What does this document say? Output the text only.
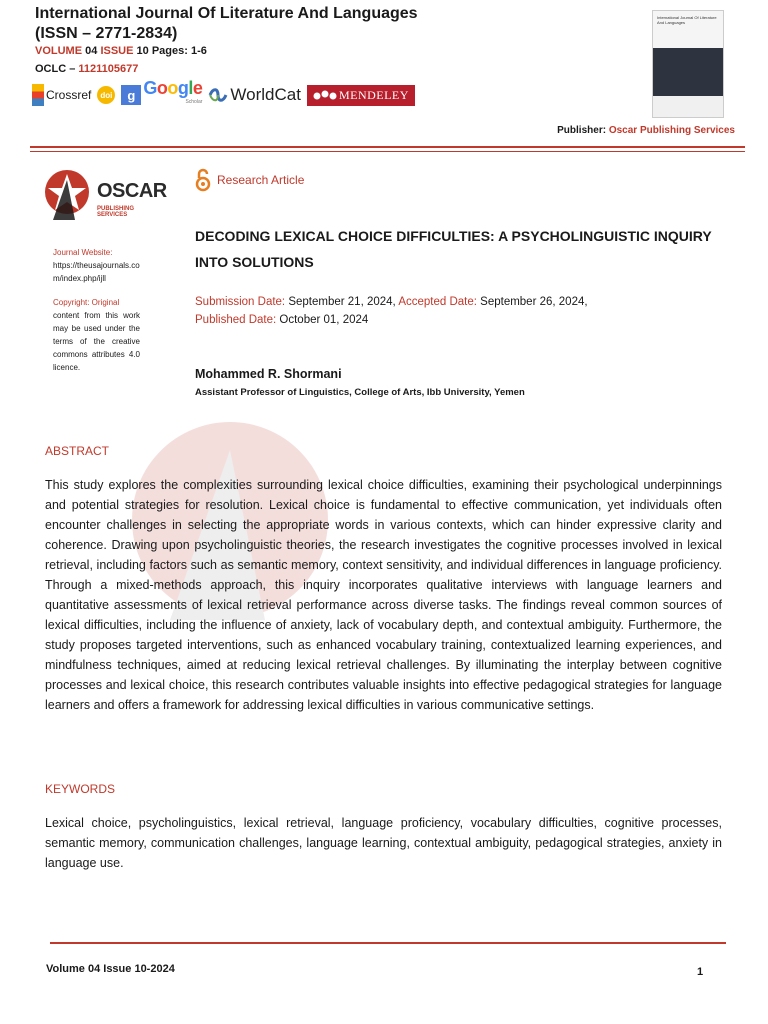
International Journal Of Literature And Languages
(ISSN – 2771-2834)
VOLUME 04 ISSUE 10 Pages: 1-6
OCLC – 1121105677
Crossref	doi	g Google
Scholar WorldCat	MENDELEY
International Journal Of Literature And Languages
Publisher: Oscar Publishing Services
OSCAR
PUBLISHING SERVICES
Journal Website:
https://theusajournals.com/index.php/ijll
Copyright: Original
content from this work may be used under the terms of the creative commons attributes 4.0 licence.
Research Article
DECODING LEXICAL CHOICE DIFFICULTIES: A PSYCHOLINGUISTIC INQUIRY INTO SOLUTIONS
Submission Date: September 21, 2024, Accepted Date: September 26, 2024,
Published Date: October 01, 2024
Mohammed R. Shormani
Assistant Professor of Linguistics, College of Arts, Ibb University, Yemen
ABSTRACT
This study explores the complexities surrounding lexical choice difficulties, examining their psychological underpinnings and potential strategies for resolution. Lexical choice is fundamental to effective communication, yet individuals often encounter challenges in selecting the appropriate words in various contexts, which can hinder expressive clarity and coherence. Drawing upon psycholinguistic theories, the research investigates the cognitive processes involved in lexical retrieval, including factors such as semantic memory, context sensitivity, and individual differences in language proficiency. Through a mixed-methods approach, this inquiry incorporates qualitative interviews with language learners and quantitative assessments of lexical retrieval performance across diverse tasks. The findings reveal common sources of lexical difficulties, including the influence of anxiety, lack of vocabulary depth, and contextual ambiguity. Furthermore, the study proposes targeted interventions, such as enhanced vocabulary training, contextualized learning experiences, and mindfulness techniques, aimed at reducing lexical retrieval challenges. By illuminating the interplay between cognitive processes and lexical choice, this research contributes valuable insights into effective pedagogical strategies for language learners and offers a framework for addressing lexical difficulties in various communicative settings.
KEYWORDS
Lexical choice, psycholinguistics, lexical retrieval, language proficiency, vocabulary difficulties, cognitive processes, semantic memory, communication challenges, language learning, contextual ambiguity, pedagogical strategies, anxiety in language use.
Volume 04 Issue 10-2024	1
